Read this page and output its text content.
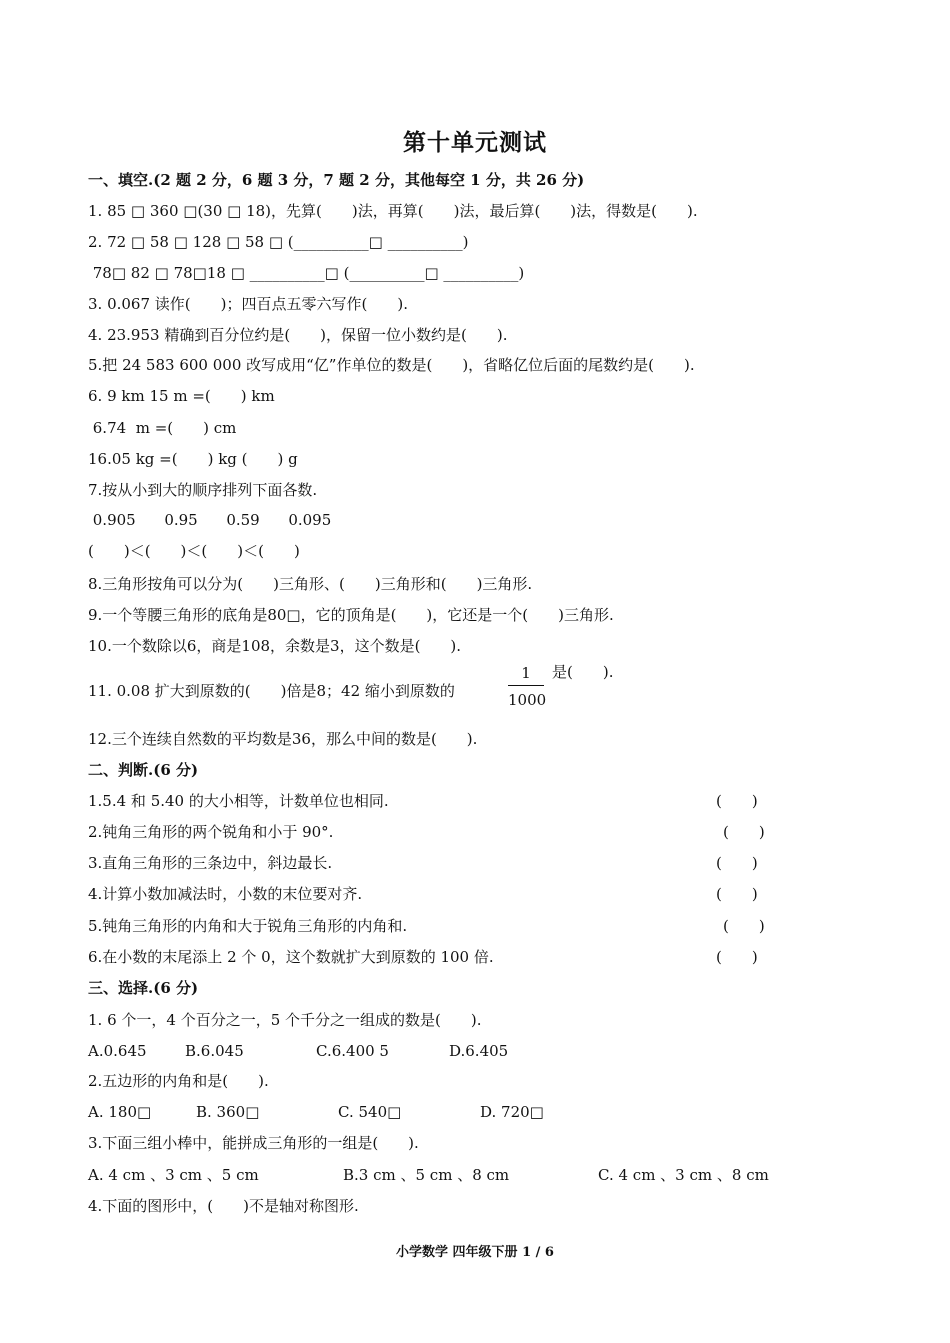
第十单元测试
一、填空.(2 题 2 分，6 题 3 分，7 题 2 分，其他每空 1 分，共 26 分)
1. 85 □ 360 □(30 □ 18)，先算(　　)法，再算(　　)法，最后算(　　)法，得数是(　　).
2. 72 □ 58 □ 128 □ 58 □ (__________□ __________)
78□ 82 □ 78□18 □ __________□ (__________□ __________)
3. 0.067 读作(　　)；四百点五零六写作(　　).
4. 23.953 精确到百分位约是(　　)，保留一位小数约是(　　).
5.把 24 583 600 000 改写成用“亿”作单位的数是(　　)，省略亿位后面的尾数约是(　　).
6. 9 km 15 m =(　　) km
6.74  m =(　　) cm
16.05 kg =(　　) kg (　　) g
7.按从小到大的顺序排列下面各数.
0.905      0.95      0.59      0.095
(　　)＜(　　)＜(　　)＜(　　)
8.三角形按角可以分为(　　)三角形、(　　)三角形和(　　)三角形.
9.一个等腰三角形的底角是80□，它的顶角是(　　)，它还是一个(　　)三角形.
10.一个数除以6，商是108，余数是3，这个数是(　　).
11. 0.08 扩大到原数的(　　)倍是8；42 缩小到原数的
1
1000
是(　　).
12.三个连续自然数的平均数是36，那么中间的数是(　　).
二、判断.(6 分)
1.5.4 和 5.40 的大小相等，计数单位也相同.	(　　)
2.钝角三角形的两个锐角和小于 90°.	(　　)
3.直角三角形的三条边中，斜边最长.	(　　)
4.计算小数加减法时，小数的末位要对齐.	(　　)
5.钝角三角形的内角和大于锐角三角形的内角和.	(　　)
6.在小数的末尾添上 2 个 0，这个数就扩大到原数的 100 倍.	(　　)
三、选择.(6 分)
1. 6 个一，4 个百分之一，5 个千分之一组成的数是(　　).
A.0.645	B.6.045	C.6.400 5	D.6.405
2.五边形的内角和是(　　).
A. 180□	B. 360□	C. 540□	D. 720□
3.下面三组小棒中，能拼成三角形的一组是(　　).
A. 4 cm 、3 cm 、5 cm	B.3 cm 、5 cm 、8 cm	C. 4 cm 、3 cm 、8 cm
4.下面的图形中，(　　)不是轴对称图形.
小学数学 四年级下册 1 / 6
